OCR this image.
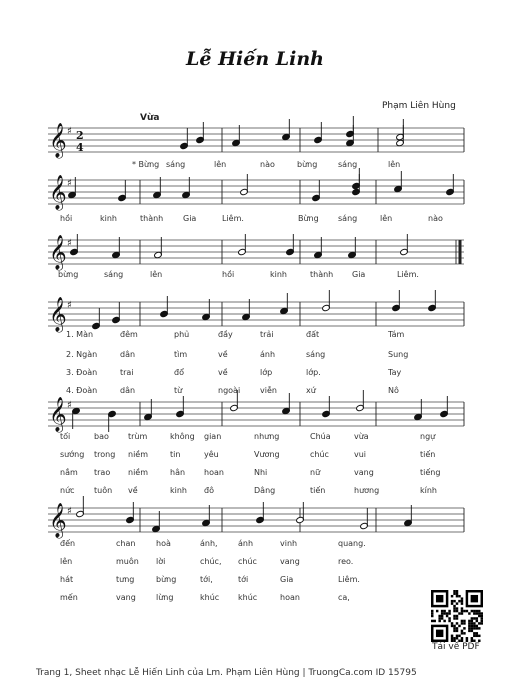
Lễ Hiến Linh
Vừa
Phạm Liên Hùng
𝄞 ♯ 2
4
* Bừng sáng	lên	nào	bừng	sáng	lên
𝄞 ♯
hồi	kinh	thành Gia	Liêm.	Bừng sáng	lên	nào
𝄞 ♯
bừng	sáng	lên	hồi	kinh	thành Gia	Liêm.
𝄞 ♯
1. Màn	đêm	phủ	đầy	trải	đất	Tám
2. Ngàn	dân	tìm	về	ánh	sáng	Sung
3. Đoàn	trai	đổ	về	lớp	lớp.	Tay
4. Đoàn	dân	từ	ngoài viễn	xứ	Nô
𝄞 ♯
tối	bao trùm	không gian	nhưng	Chúa	vừa	ngự
sướng trong niềm	tin	yêu	Vương	chúc	vui	tiến
nắm trao niềm	hân hoan	Nhi	nữ	vang	tiếng
nức tuôn về	kinh đô	Dâng	tiến	hương	kính
𝄞 ♯
đến	chan	hoà	ánh,	ánh	vinh	quang.
lên	muôn lời	chúc, chúc	vang	reo.
hát	tưng	bừng	tới,	tới	Gia	Liêm.
mến	vang	lừng	khúc khúc	hoan	ca,
Tải về PDF
Trang 1, Sheet nhạc Lễ Hiến Linh của Lm. Phạm Liên Hùng | TruongCa.com ID 15795
